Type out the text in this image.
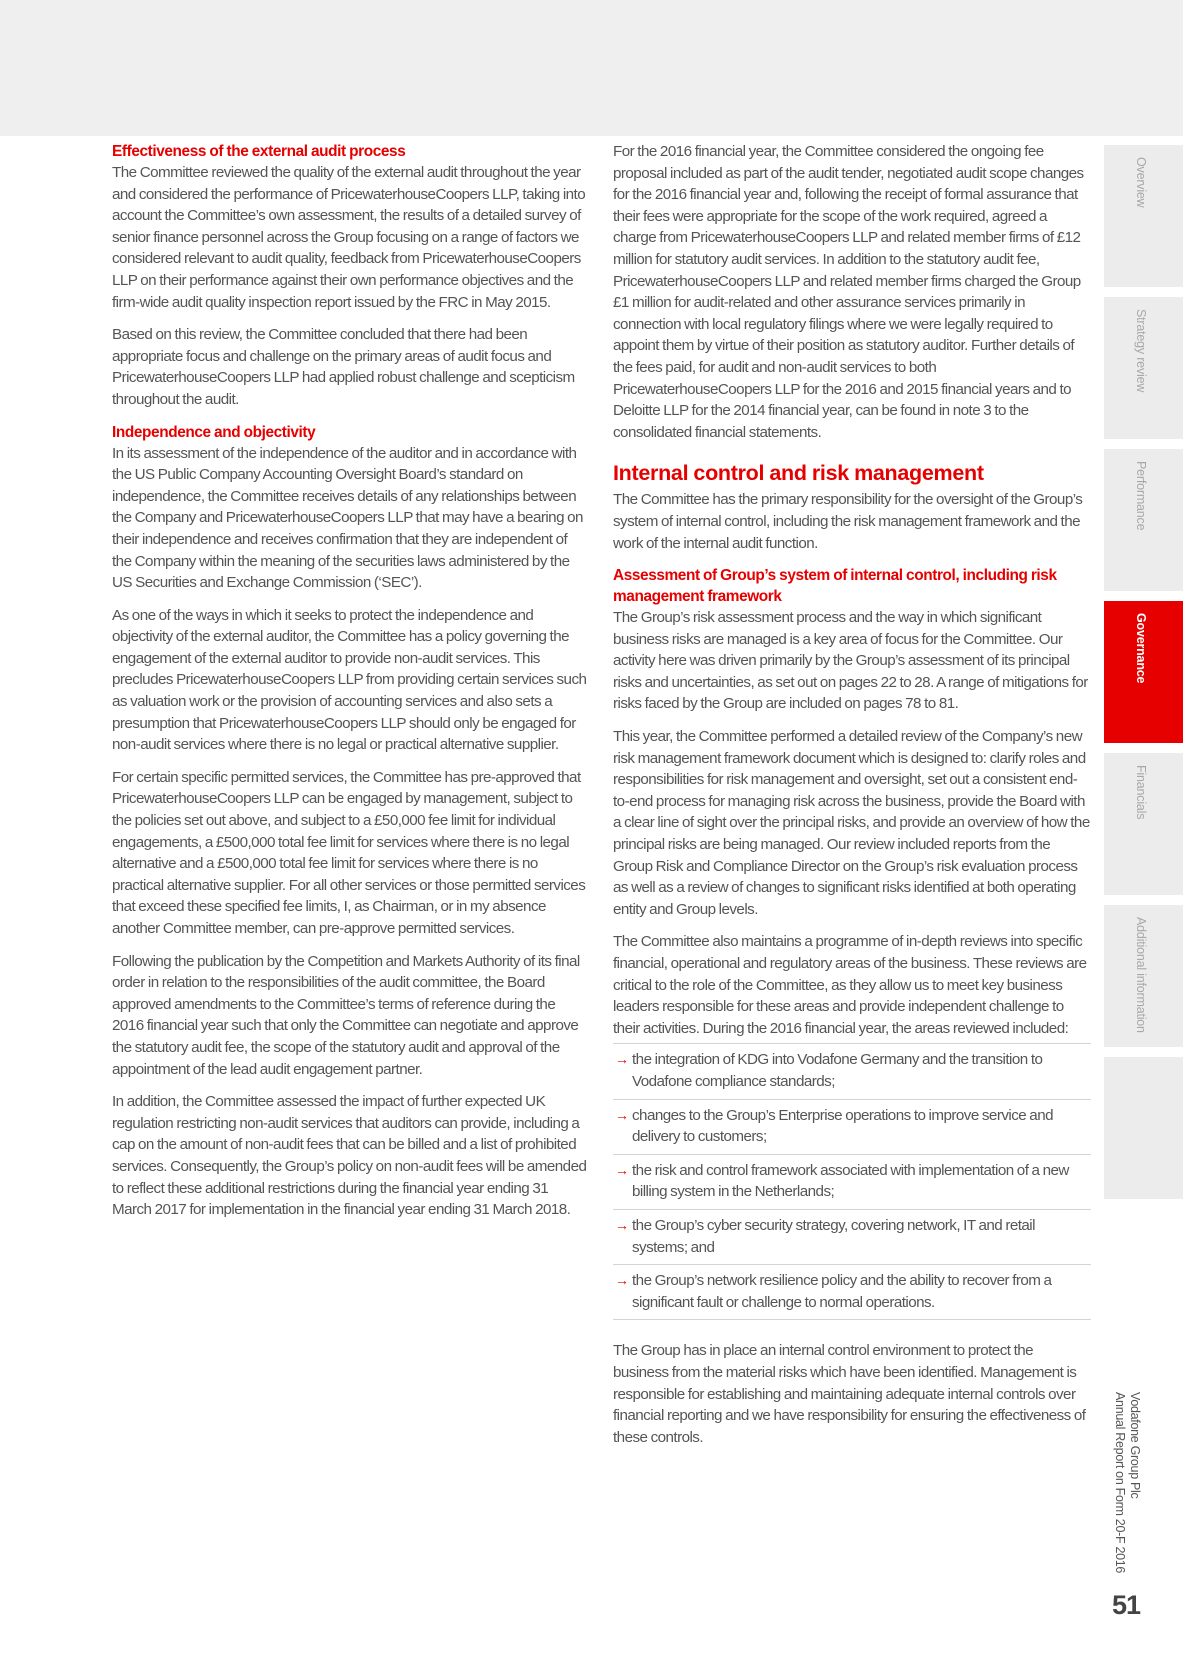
Effectiveness of the external audit process

The Committee reviewed the quality of the external audit throughout the year and considered the performance of PricewaterhouseCoopers LLP, taking into account the Committee’s own assessment, the results of a detailed survey of senior finance personnel across the Group focusing on a range of factors we considered relevant to audit quality, feedback from PricewaterhouseCoopers LLP on their performance against their own performance objectives and the firm-wide audit quality inspection report issued by the FRC in May 2015.

Based on this review, the Committee concluded that there had been appropriate focus and challenge on the primary areas of audit focus and PricewaterhouseCoopers LLP had applied robust challenge and scepticism throughout the audit.

Independence and objectivity

In its assessment of the independence of the auditor and in accordance with the US Public Company Accounting Oversight Board’s standard on independence, the Committee receives details of any relationships between the Company and PricewaterhouseCoopers LLP that may have a bearing on their independence and receives confirmation that they are independent of the Company within the meaning of the securities laws administered by the US Securities and Exchange Commission (‘SEC’).

As one of the ways in which it seeks to protect the independence and objectivity of the external auditor, the Committee has a policy governing the engagement of the external auditor to provide non-audit services. This precludes PricewaterhouseCoopers LLP from providing certain services such as valuation work or the provision of accounting services and also sets a presumption that PricewaterhouseCoopers LLP should only be engaged for non-audit services where there is no legal or practical alternative supplier.

For certain specific permitted services, the Committee has pre-approved that PricewaterhouseCoopers LLP can be engaged by management, subject to the policies set out above, and subject to a £50,000 fee limit for individual engagements, a £500,000 total fee limit for services where there is no legal alternative and a £500,000 total fee limit for services where there is no practical alternative supplier. For all other services or those permitted services that exceed these specified fee limits, I, as Chairman, or in my absence another Committee member, can pre-approve permitted services.

Following the publication by the Competition and Markets Authority of its final order in relation to the responsibilities of the audit committee, the Board approved amendments to the Committee’s terms of reference during the 2016 financial year such that only the Committee can negotiate and approve the statutory audit fee, the scope of the statutory audit and approval of the appointment of the lead audit engagement partner.

In addition, the Committee assessed the impact of further expected UK regulation restricting non-audit services that auditors can provide, including a cap on the amount of non-audit fees that can be billed and a list of prohibited services. Consequently, the Group’s policy on non-audit fees will be amended to reflect these additional restrictions during the financial year ending 31 March 2017 for implementation in the financial year ending 31 March 2018.

For the 2016 financial year, the Committee considered the ongoing fee proposal included as part of the audit tender, negotiated audit scope changes for the 2016 financial year and, following the receipt of formal assurance that their fees were appropriate for the scope of the work required, agreed a charge from PricewaterhouseCoopers LLP and related member firms of £12 million for statutory audit services. In addition to the statutory audit fee, PricewaterhouseCoopers LLP and related member firms charged the Group £1 million for audit-related and other assurance services primarily in connection with local regulatory filings where we were legally required to appoint them by virtue of their position as statutory auditor. Further details of the fees paid, for audit and non-audit services to both PricewaterhouseCoopers LLP for the 2016 and 2015 financial years and to Deloitte LLP for the 2014 financial year, can be found in note 3 to the consolidated financial statements.

Internal control and risk management

The Committee has the primary responsibility for the oversight of the Group’s system of internal control, including the risk management framework and the work of the internal audit function.

Assessment of Group’s system of internal control, including risk management framework

The Group’s risk assessment process and the way in which significant business risks are managed is a key area of focus for the Committee. Our activity here was driven primarily by the Group’s assessment of its principal risks and uncertainties, as set out on pages 22 to 28. A range of mitigations for risks faced by the Group are included on pages 78 to 81.

This year, the Committee performed a detailed review of the Company’s new risk management framework document which is designed to: clarify roles and responsibilities for risk management and oversight, set out a consistent end-to-end process for managing risk across the business, provide the Board with a clear line of sight over the principal risks, and provide an overview of how the principal risks are being managed. Our review included reports from the Group Risk and Compliance Director on the Group’s risk evaluation process as well as a review of changes to significant risks identified at both operating entity and Group levels.

The Committee also maintains a programme of in-depth reviews into specific financial, operational and regulatory areas of the business. These reviews are critical to the role of the Committee, as they allow us to meet key business leaders responsible for these areas and provide independent challenge to their activities. During the 2016 financial year, the areas reviewed included:

→ the integration of KDG into Vodafone Germany and the transition to Vodafone compliance standards;
→ changes to the Group’s Enterprise operations to improve service and delivery to customers;
→ the risk and control framework associated with implementation of a new billing system in the Netherlands;
→ the Group’s cyber security strategy, covering network, IT and retail systems; and
→ the Group’s network resilience policy and the ability to recover from a significant fault or challenge to normal operations.

The Group has in place an internal control environment to protect the business from the material risks which have been identified. Management is responsible for establishing and maintaining adequate internal controls over financial reporting and we have responsibility for ensuring the effectiveness of these controls.

Overview
Strategy review
Performance
Governance
Financials
Additional information
Vodafone Group Plc
Annual Report on Form 20-F 2016
51
